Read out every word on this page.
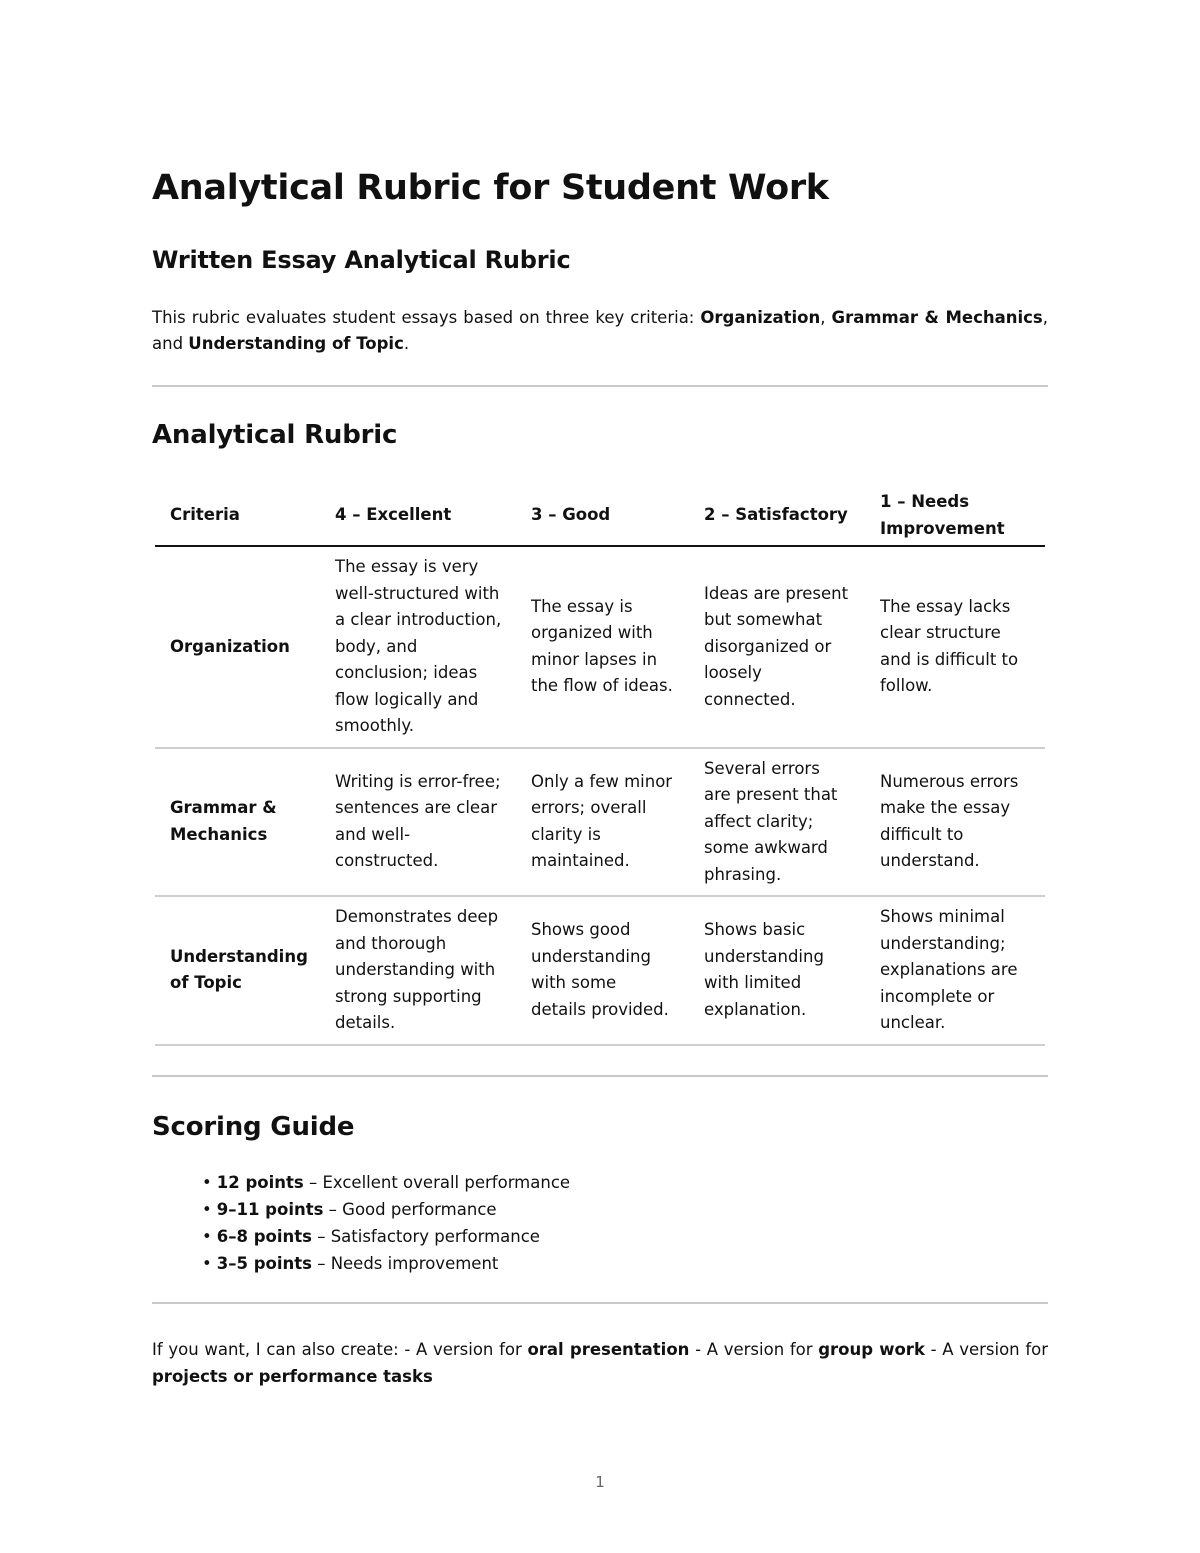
Analytical Rubric for Student Work
Written Essay Analytical Rubric

This rubric evaluates student essays based on three key criteria: Organization, Grammar & Mechanics, and Understanding of Topic.

Analytical Rubric
Criteria	4 – Excellent	3 – Good	2 – Satisfactory	1 – Needs Improvement
Organization	The essay is very well-structured with a clear introduction, body, and conclusion; ideas flow logically and smoothly.	The essay is organized with minor lapses in the flow of ideas.	Ideas are present but somewhat disorganized or loosely connected.	The essay lacks clear structure and is difficult to follow.
Grammar & Mechanics	Writing is error-free; sentences are clear and well-constructed.	Only a few minor errors; overall clarity is maintained.	Several errors are present that affect clarity; some awkward phrasing.	Numerous errors make the essay difficult to understand.
Understanding of Topic	Demonstrates deep and thorough understanding with strong supporting details.	Shows good understanding with some details provided.	Shows basic understanding with limited explanation.	Shows minimal understanding; explanations are incomplete or unclear.
Scoring Guide
• 12 points – Excellent overall performance
• 9–11 points – Good performance
• 6–8 points – Satisfactory performance
• 3–5 points – Needs improvement

If you want, I can also create: - A version for oral presentation - A version for group work - A version for projects or performance tasks

1
